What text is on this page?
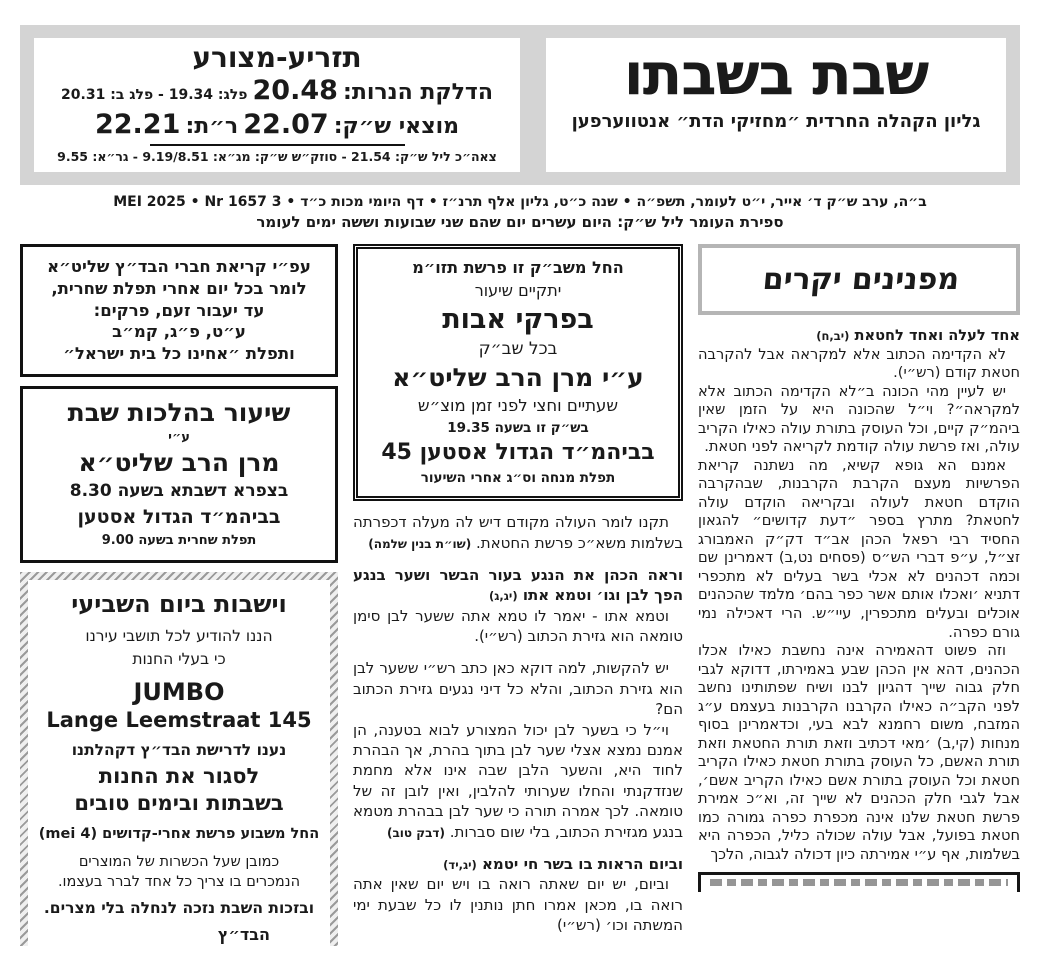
שבת בשבתו
גליון הקהלה החרדית ״מחזיקי הדת״ אנטווערפען
תזריע-מצורע
הדלקת הנרות: 20.48 פלג: 19.34 - פלג ב: 20.31
מוצאי ש״ק: 22.07 ר״ת: 22.21
צאה״כ ליל ש״ק: 21.54 - סוזק״ש ש״ק: מג״א: 9.19/8.51 - גר״א: 9.55
ב״ה, ערב ש״ק ד׳ אייר, י״ט לעומר, תשפ״ה • שנה כ״ט, גליון אלף תרנ״ז • דף היומי מכות כ״ד • 3 MEI 2025 • Nr 1657
ספירת העומר ליל ש״ק: היום עשרים יום שהם שני שבועות וששה ימים לעומר
מפנינים יקרים

אחד לעלה ואחד לחטאת (יב,ח)

לא הקדימה הכתוב אלא למקראה אבל להקרבה חטאת קודם (רש״י).

יש לעיין מהי הכונה ב״לא הקדימה הכתוב אלא למקראה״? וי״ל שהכונה היא על הזמן שאין ביהמ״ק קיים, וכל העוסק בתורת עולה כאילו הקריב עולה, ואז פרשת עולה קודמת לקריאה לפני חטאת.

אמנם הא גופא קשיא, מה נשתנה קריאת הפרשיות מעצם הקרבת הקרבנות, שבהקרבה הוקדם חטאת לעולה ובקריאה הוקדם עולה לחטאת? מתרץ בספר ״דעת קדושים״ להגאון החסיד רבי רפאל הכהן אב״ד דק״ק האמבורג זצ״ל, ע״פ דברי הש״ס (פסחים נט,ב) דאמרינן שם וכמה דכהנים לא אכלי בשר בעלים לא מתכפרי דתניא ׳ואכלו אותם אשר כפר בהם׳ מלמד שהכהנים אוכלים ובעלים מתכפרין, עיי״ש. הרי דאכילה נמי גורם כפרה.

וזה פשוט דהאמירה אינה נחשבת כאילו אכלו הכהנים, דהא אין הכהן שבע באמירתו, דדוקא לגבי חלק גבוה שייך דהגיון לבנו ושיח שפתותינו נחשב לפני הקב״ה כאילו הקרבנו הקרבנות בעצמם ע״ג המזבח, משום רחמנא לבא בעי, וכדאמרינן בסוף מנחות (קי,ב) ׳מאי דכתיב וזאת תורת החטאת וזאת תורת האשם, כל העוסק בתורת חטאת כאילו הקריב חטאת וכל העוסק בתורת אשם כאילו הקריב אשם׳, אבל לגבי חלק הכהנים לא שייך זה, וא״כ אמירת פרשת חטאת שלנו אינה מכפרת כפרה גמורה כמו חטאת בפועל, אבל עולה שכולה כליל, הכפרה היא בשלמות, אף ע״י אמירתה כיון דכולה לגבוה, הלכך

החל משב״ק זו פרשת תזו״מ
יתקיים שיעור
בפרקי אבות
בכל שב״ק
ע״י מרן הרב שליט״א
שעתיים וחצי לפני זמן מוצ״ש
בש״ק זו בשעה 19.35
בביהמ״ד הגדול אסטען 45
תפלת מנחה וס״ג אחרי השיעור

תקנו לומר העולה מקודם דיש לה מעלה דכפרתה בשלמות משא״כ פרשת החטאת. (שו״ת בנין שלמה)

וראה הכהן את הנגע בעור הבשר ושער בנגע הפך לבן וגו׳ וטמא אתו (יג,ג)

וטמא אתו - יאמר לו טמא אתה ששער לבן סימן טומאה הוא גזירת הכתוב (רש״י).

יש להקשות, למה דוקא כאן כתב רש״י ששער לבן הוא גזירת הכתוב, והלא כל דיני נגעים גזירת הכתוב הם?

וי״ל כי בשער לבן יכול המצורע לבוא בטענה, הן אמנם נמצא אצלי שער לבן בתוך בהרת, אך הבהרת לחוד היא, והשער הלבן שבה אינו אלא מחמת שנזדקנתי והחלו שערותי להלבין, ואין לובן זה של טומאה. לכך אמרה תורה כי שער לבן בבהרת מטמא בנגע מגזירת הכתוב, בלי שום סברות. (דבק טוב)

וביום הראות בו בשר חי יטמא (יג,יד)

וביום, יש יום שאתה רואה בו ויש יום שאין אתה רואה בו, מכאן אמרו חתן נותנין לו כל שבעת ימי המשתה וכו׳ (רש״י)

עפ״י קריאת חברי הבד״ץ שליט״א
לומר בכל יום אחרי תפלת שחרית,
עד יעבור זעם, פרקים:
ע״ט, פ״ג, קמ״ב
ותפלת ״אחינו כל בית ישראל״
שיעור בהלכות שבת
ע״י
מרן הרב שליט״א
בצפרא דשבתא בשעה 8.30
בביהמ״ד הגדול אסטען
תפלת שחרית בשעה 9.00
וישבות ביום השביעי
הננו להודיע לכל תושבי עירנו
כי בעלי החנות
JUMBO
Lange Leemstraat 145
נענו לדרישת הבד״ץ דקהלתנו
לסגור את החנות
בשבתות ובימים טובים
החל משבוע פרשת אחרי-קדושים (4 mei)
כמובן שעל הכשרות של המוצרים
הנמכרים בו צריך כל אחד לברר בעצמו.
ובזכות השבת נזכה לנחלה בלי מצרים.
הבד״ץ
